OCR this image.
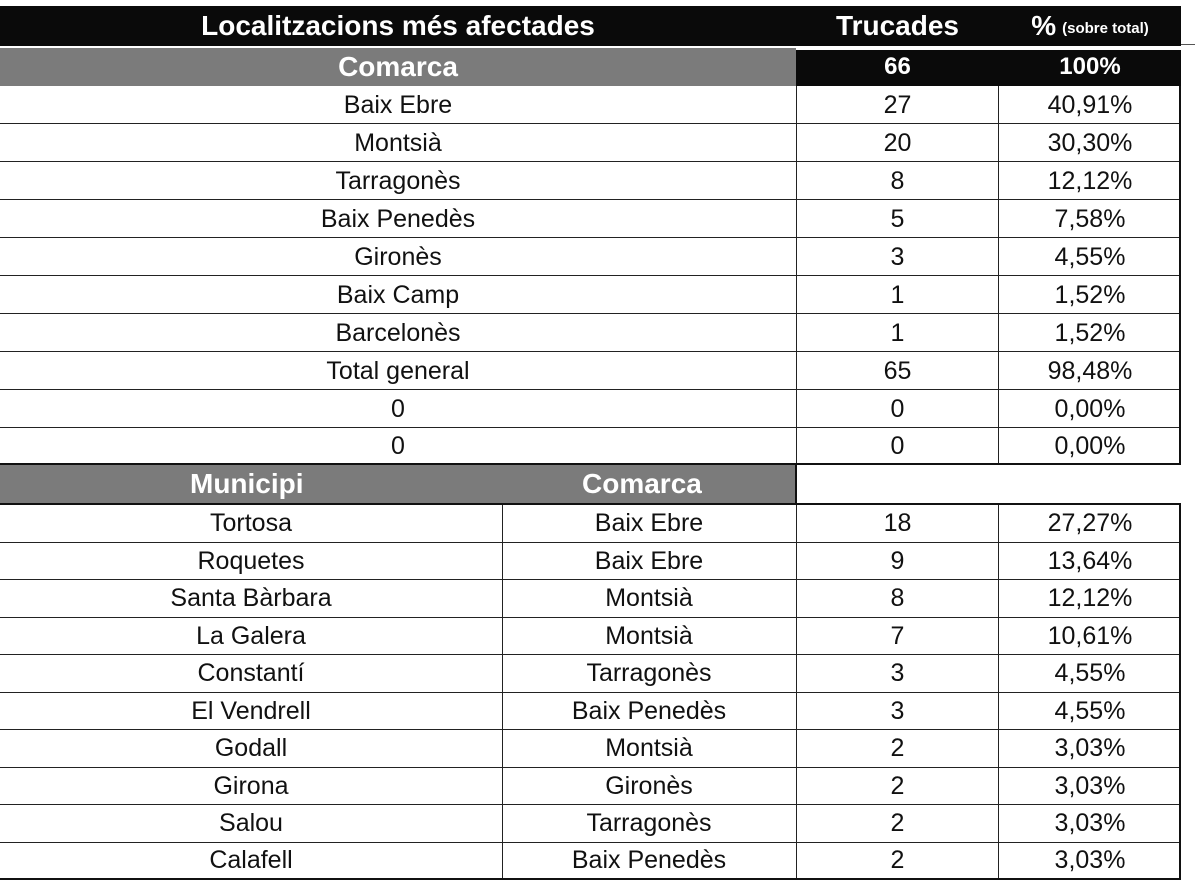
Localitzacions més afectades	Trucades	% (sobre total)
Comarca	66	100%
Baix Ebre	27	40,91%
Montsià	20	30,30%
Tarragonès	8	12,12%
Baix Penedès	5	7,58%
Gironès	3	4,55%
Baix Camp	1	1,52%
Barcelonès	1	1,52%
Total general	65	98,48%
0	0	0,00%
0	0	0,00%
Municipi	Comarca
Tortosa	Baix Ebre	18	27,27%
Roquetes	Baix Ebre	9	13,64%
Santa Bàrbara	Montsià	8	12,12%
La Galera	Montsià	7	10,61%
Constantí	Tarragonès	3	4,55%
El Vendrell	Baix Penedès	3	4,55%
Godall	Montsià	2	3,03%
Girona	Gironès	2	3,03%
Salou	Tarragonès	2	3,03%
Calafell	Baix Penedès	2	3,03%
